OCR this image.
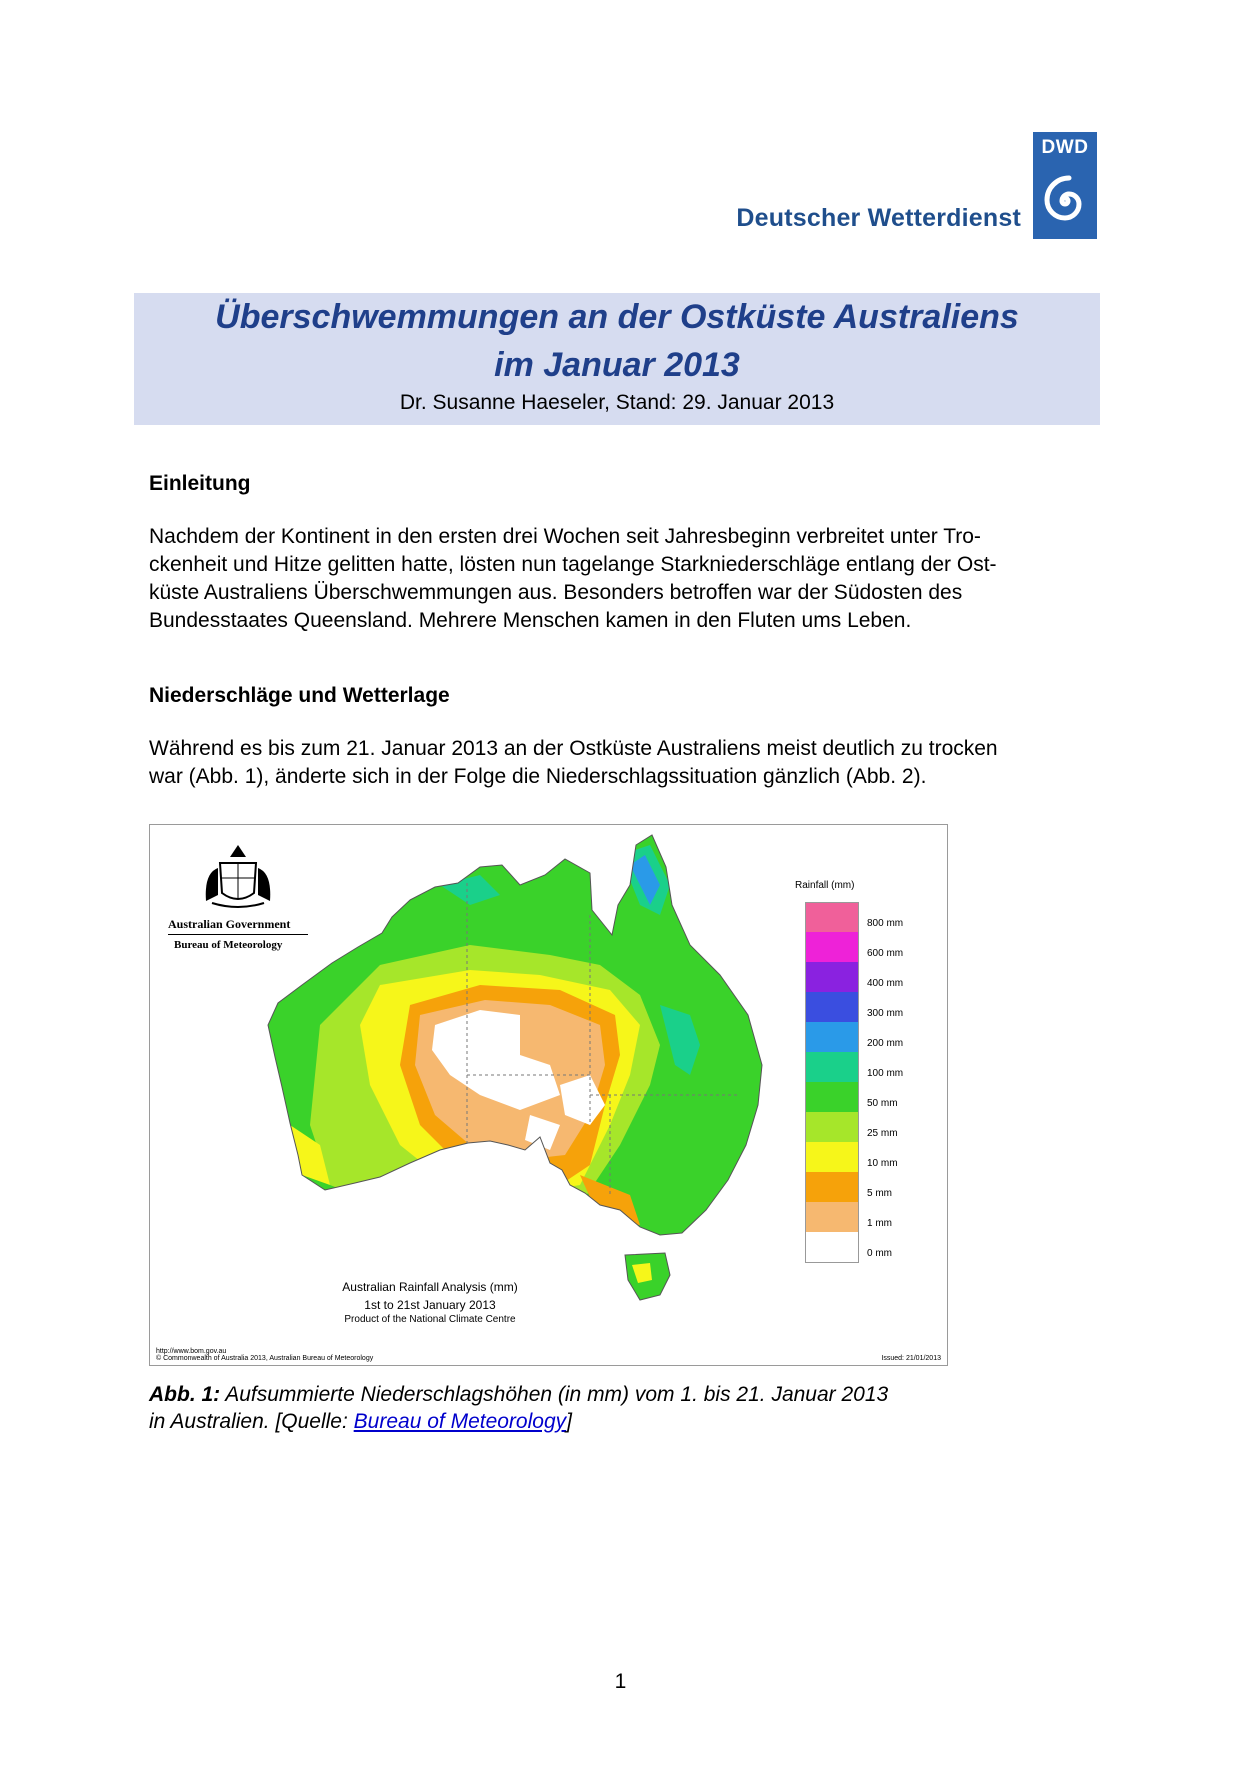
Deutscher Wetterdienst
DWD
Überschwemmungen an der Ostküste Australiens
im Januar 2013
Dr. Susanne Haeseler, Stand: 29. Januar 2013
Einleitung
Nachdem der Kontinent in den ersten drei Wochen seit Jahresbeginn verbreitet unter Tro-
ckenheit und Hitze gelitten hatte, lösten nun tagelange Starkniederschläge entlang der Ost-
küste Australiens Überschwemmungen aus. Besonders betroffen war der Südosten des
Bundesstaates Queensland. Mehrere Menschen kamen in den Fluten ums Leben.
Niederschläge und Wetterlage
Während es bis zum 21. Januar 2013 an der Ostküste Australiens meist deutlich zu trocken
war (Abb. 1), änderte sich in der Folge die Niederschlagssituation gänzlich (Abb. 2).
Australian Government
Bureau of Meteorology
Rainfall (mm)
800 mm
600 mm
400 mm
300 mm
200 mm
100 mm
50 mm
25 mm
10 mm
5 mm
1 mm
0 mm
Australian Rainfall Analysis (mm)
1st to 21st January 2013
Product of the National Climate Centre
http://www.bom.gov.au
© Commonwealth of Australia 2013, Australian Bureau of Meteorology	Issued: 21/01/2013
Abb. 1: Aufsummierte Niederschlagshöhen (in mm) vom 1. bis 21. Januar 2013
in Australien. [Quelle: Bureau of Meteorology]
1
